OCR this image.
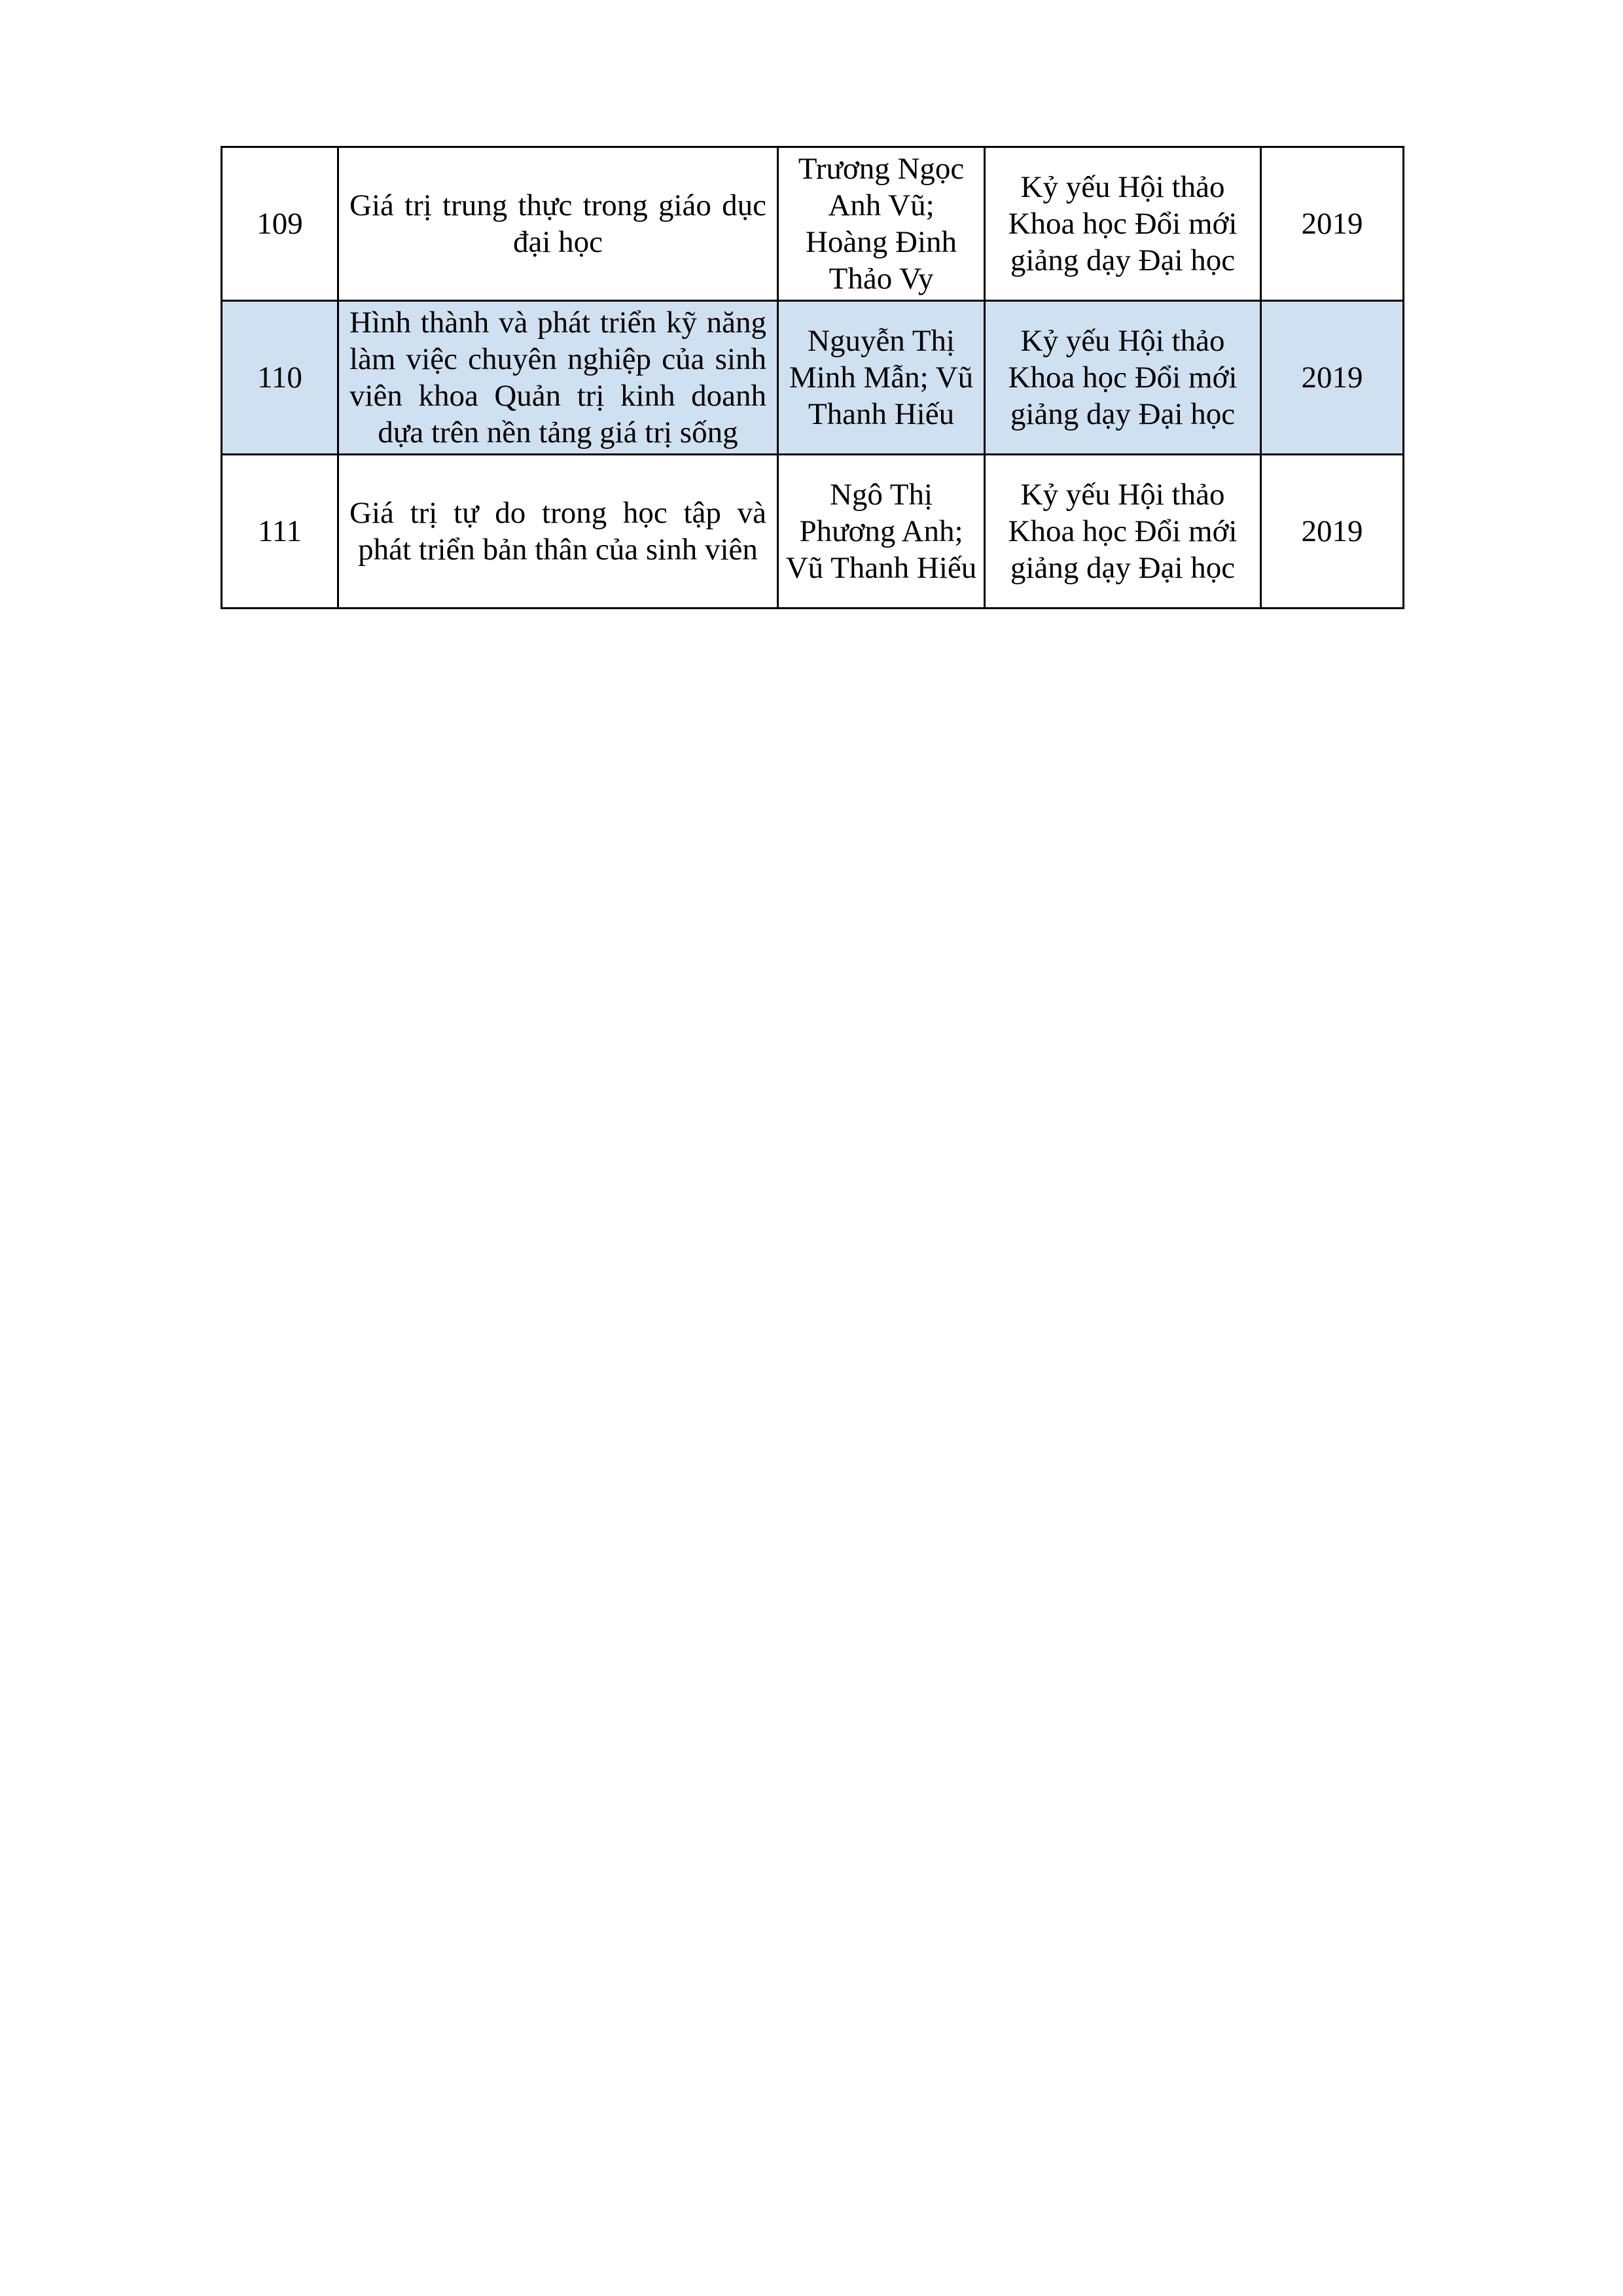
109	Giá trị trung thực trong giáo dục đại học	Trương Ngọc Anh Vũ; Hoàng Đinh Thảo Vy	Kỷ yếu Hội thảo Khoa học Đổi mới giảng dạy Đại học	2019
110	Hình thành và phát triển kỹ năng làm việc chuyên nghiệp của sinh viên khoa Quản trị kinh doanh dựa trên nền tảng giá trị sống	Nguyễn Thị Minh Mẫn; Vũ Thanh Hiếu	Kỷ yếu Hội thảo Khoa học Đổi mới giảng dạy Đại học	2019
111	Giá trị tự do trong học tập và phát triển bản thân của sinh viên	Ngô Thị Phương Anh; Vũ Thanh Hiếu	Kỷ yếu Hội thảo Khoa học Đổi mới giảng dạy Đại học	2019
